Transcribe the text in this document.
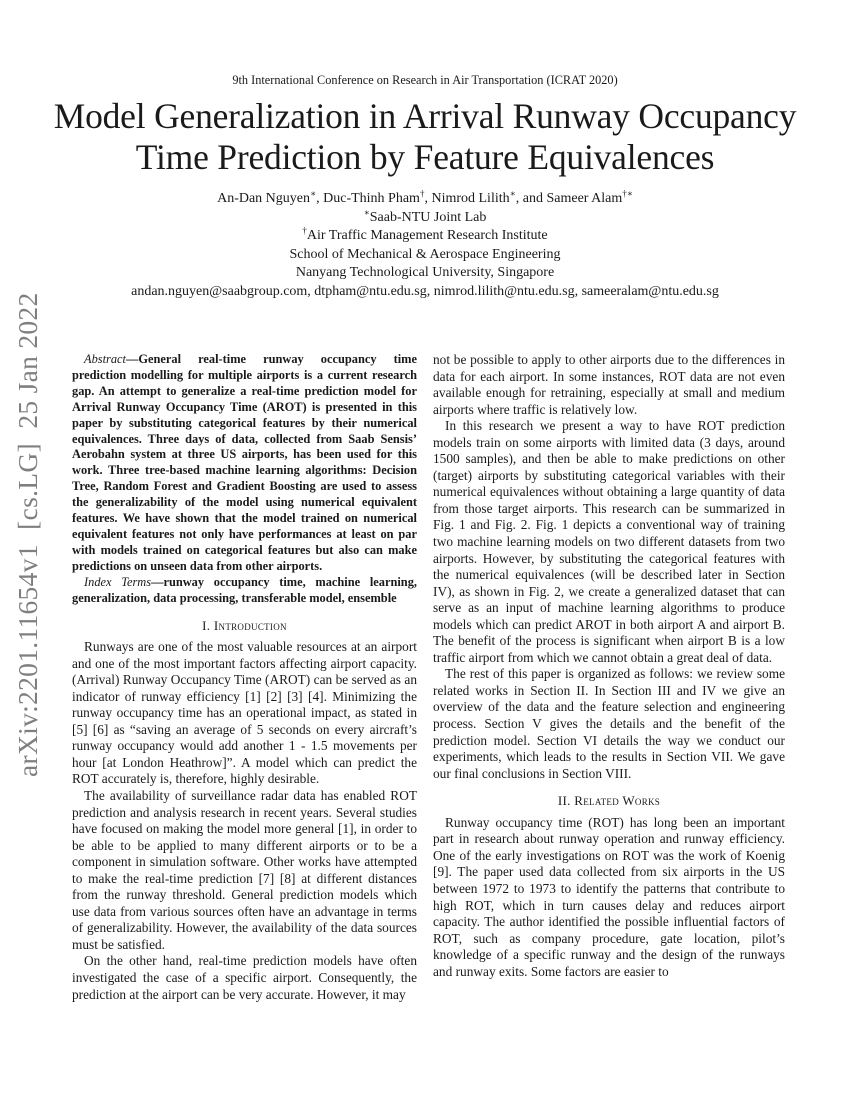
9th International Conference on Research in Air Transportation (ICRAT 2020)
Model Generalization in Arrival Runway Occupancy
Time Prediction by Feature Equivalences
An-Dan Nguyen∗, Duc-Thinh Pham†, Nimrod Lilith∗, and Sameer Alam†∗
∗Saab-NTU Joint Lab
†Air Traffic Management Research Institute
School of Mechanical & Aerospace Engineering
Nanyang Technological University, Singapore
andan.nguyen@saabgroup.com, dtpham@ntu.edu.sg, nimrod.lilith@ntu.edu.sg, sameeralam@ntu.edu.sg
arXiv:2201.11654v1  [cs.LG]  25 Jan 2022	Abstract—General real-time runway occupancy time prediction modelling for multiple airports is a current research gap. An attempt to generalize a real-time prediction model for Arrival Runway Occupancy Time (AROT) is presented in this paper by substituting categorical features by their numerical equivalences. Three days of data, collected from Saab Sensis’ Aerobahn system at three US airports, has been used for this work. Three tree-based machine learning algorithms: Decision Tree, Random Forest and Gradient Boosting are used to assess the generalizability of the model using numerical equivalent features. We have shown that the model trained on numerical equivalent features not only have performances at least on par with models trained on categorical features but also can make predictions on unseen data from other airports.

Index Terms—runway occupancy time, machine learning, generalization, data processing, transferable model, ensemble

I. Introduction

Runways are one of the most valuable resources at an airport and one of the most important factors affecting airport capacity. (Arrival) Runway Occupancy Time (AROT) can be served as an indicator of runway efficiency [1] [2] [3] [4]. Minimizing the runway occupancy time has an operational impact, as stated in [5] [6] as “saving an average of 5 seconds on every aircraft’s runway occupancy would add another 1 - 1.5 movements per hour [at London Heathrow]”. A model which can predict the ROT accurately is, therefore, highly desirable.

The availability of surveillance radar data has enabled ROT prediction and analysis research in recent years. Several studies have focused on making the model more general [1], in order to be able to be applied to many different airports or to be a component in simulation software. Other works have attempted to make the real-time prediction [7] [8] at different distances from the runway threshold. General prediction models which use data from various sources often have an advantage in terms of generalizability. However, the availability of the data sources must be satisfied.

On the other hand, real-time prediction models have often investigated the case of a specific airport. Consequently, the prediction at the airport can be very accurate. However, it may

not be possible to apply to other airports due to the differences in data for each airport. In some instances, ROT data are not even available enough for retraining, especially at small and medium airports where traffic is relatively low.

In this research we present a way to have ROT prediction models train on some airports with limited data (3 days, around 1500 samples), and then be able to make predictions on other (target) airports by substituting categorical variables with their numerical equivalences without obtaining a large quantity of data from those target airports. This research can be summarized in Fig. 1 and Fig. 2. Fig. 1 depicts a conventional way of training two machine learning models on two different datasets from two airports. However, by substituting the categorical features with the numerical equivalences (will be described later in Section IV), as shown in Fig. 2, we create a generalized dataset that can serve as an input of machine learning algorithms to produce models which can predict AROT in both airport A and airport B. The benefit of the process is significant when airport B is a low traffic airport from which we cannot obtain a great deal of data.

The rest of this paper is organized as follows: we review some related works in Section II. In Section III and IV we give an overview of the data and the feature selection and engineering process. Section V gives the details and the benefit of the prediction model. Section VI details the way we conduct our experiments, which leads to the results in Section VII. We gave our final conclusions in Section VIII.

II. Related Works

Runway occupancy time (ROT) has long been an important part in research about runway operation and runway efficiency. One of the early investigations on ROT was the work of Koenig [9]. The paper used data collected from six airports in the US between 1972 to 1973 to identify the patterns that contribute to high ROT, which in turn causes delay and reduces airport capacity. The author identified the possible influential factors of ROT, such as company procedure, gate location, pilot’s knowledge of a specific runway and the design of the runways and runway exits. Some factors are easier to
